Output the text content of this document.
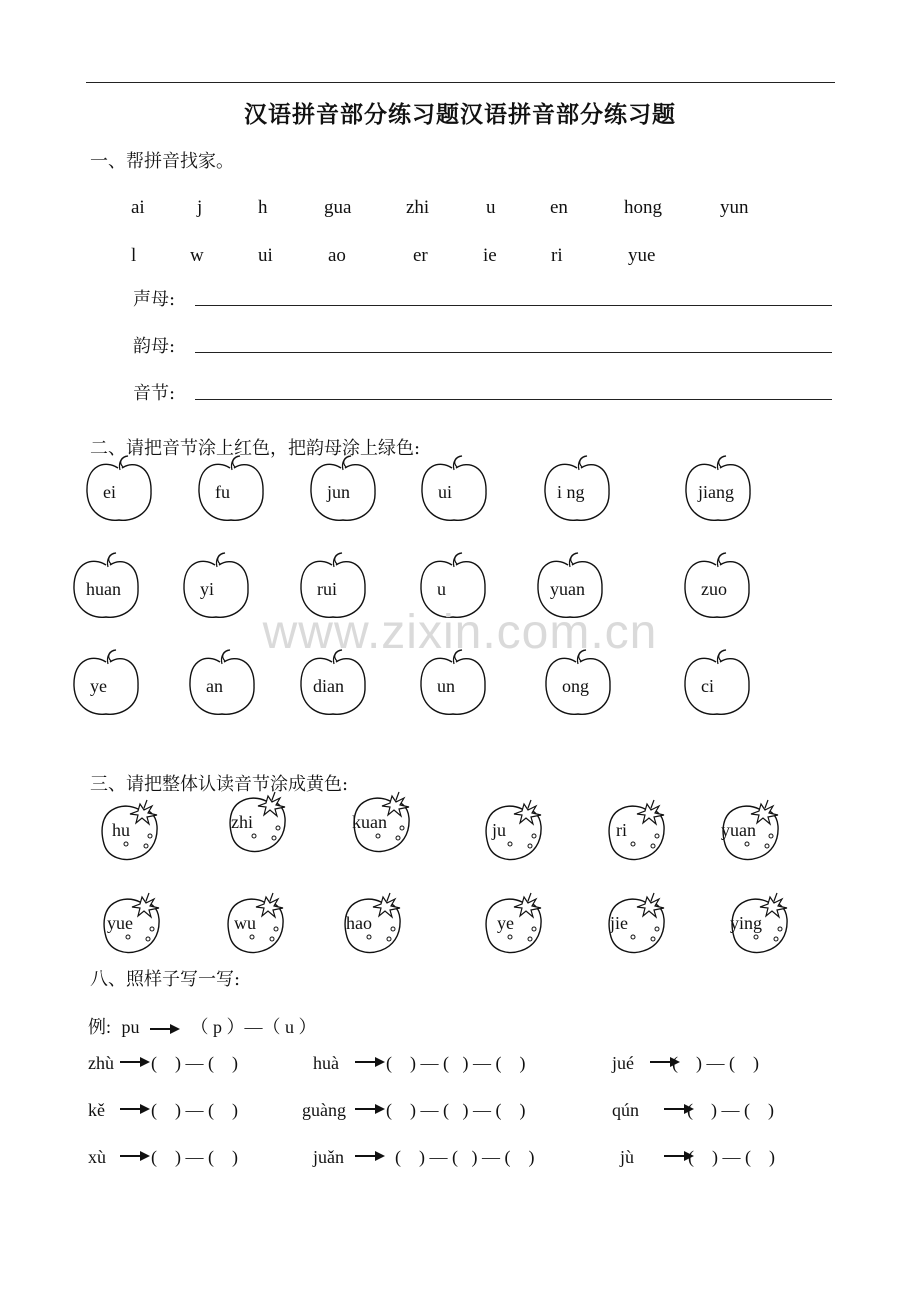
汉语拼音部分练习题汉语拼音部分练习题
一、帮拼音找家。
ai	j	h	gua	zhi	u	en	hong	yun
l	w	ui	ao	er	ie	ri	yue
声母:
韵母:
音节:
二、请把音节涂上红色，把韵母涂上绿色:
ei	fu	jun	ui	i ng	jiang
huan	yi	rui	u	yuan	zuo
ye	an	dian	un	ong	ci
www.zixin.com.cn
三、请把整体认读音节涂成黄色:
hu	zhi	kuan	ju	ri	yuan
yue	wu	hao	ye	jie	ying
八、照样子写一写:
例: pu	（ p ）—（ u ）
zhù (    ) — (    )	huà	(    ) — (   ) — (    )	jué (    ) — (    )
kě	(    ) — (    )	guàng (    ) — (   ) — (    )	qún	(    ) — (    )
xù	(    ) — (    )	juǎn	(    ) — (   ) — (    )	jù	(    ) — (    )
